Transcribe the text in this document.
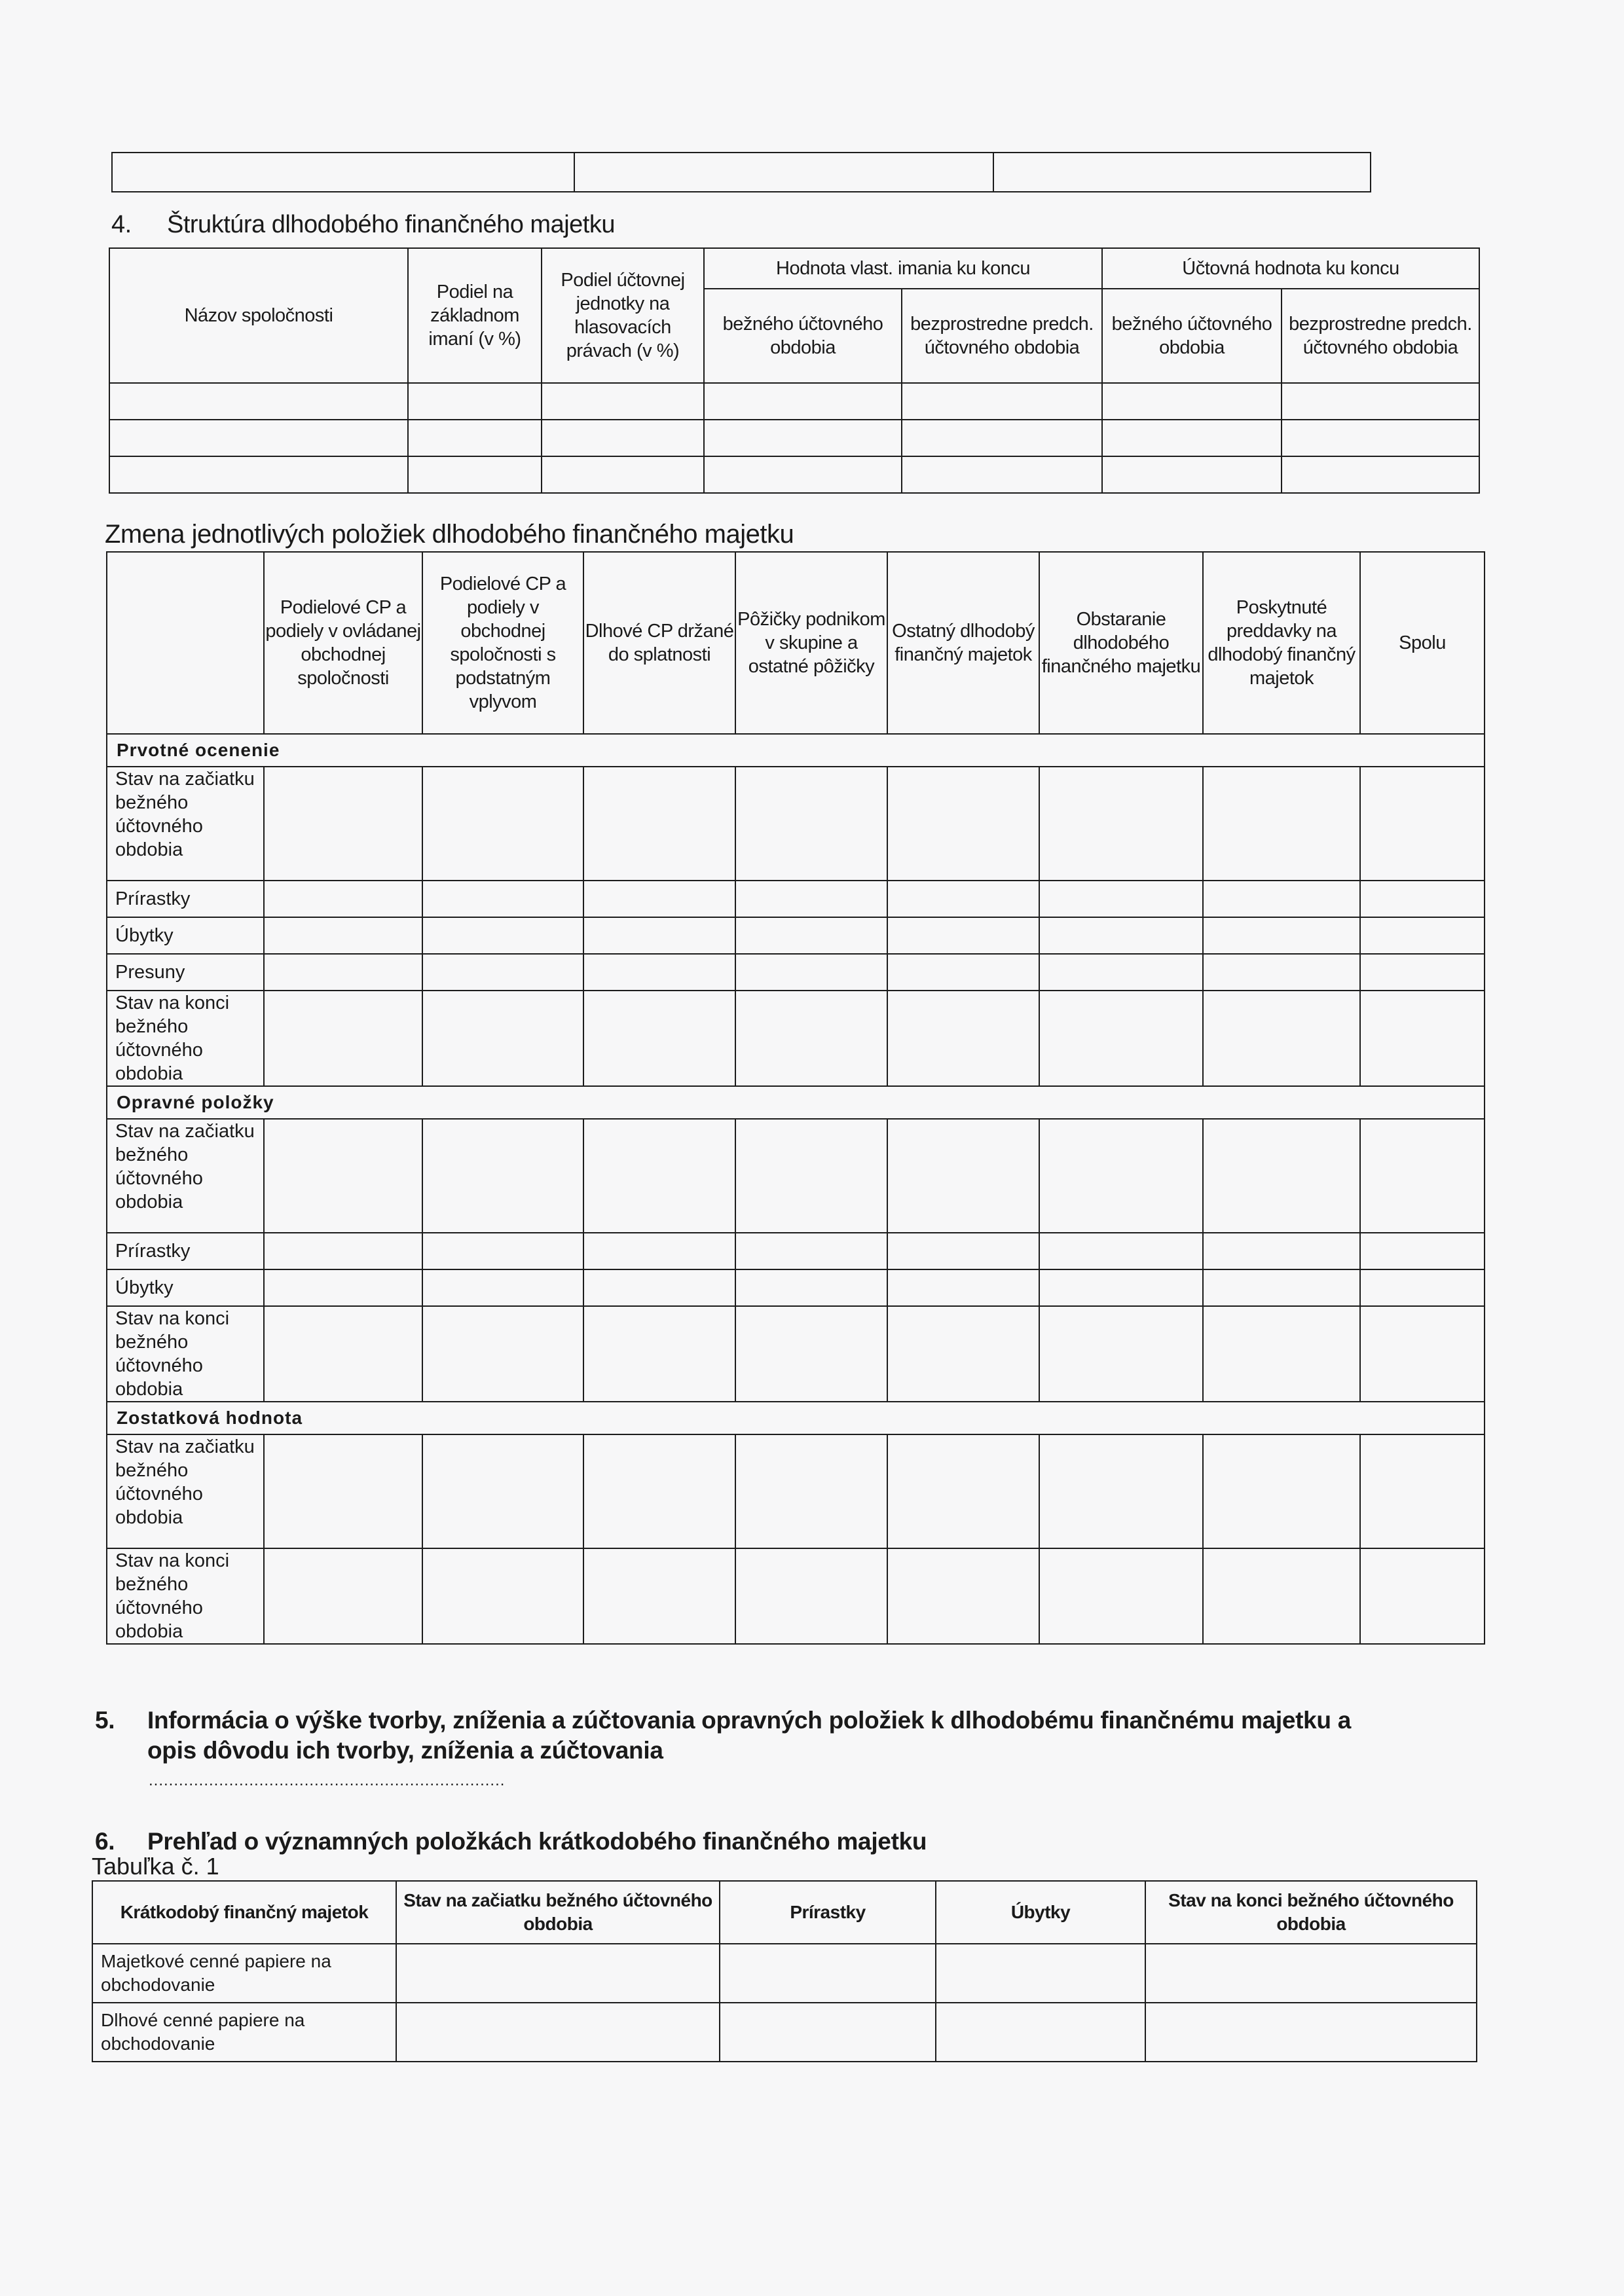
4. Štruktúra dlhodobého finančného majetku
Názov spoločnosti	Podiel na základnom imaní (v %)	Podiel účtovnej jednotky na hlasovacích právach (v %)	Hodnota vlast. imania ku koncu		Účtovná hodnota ku koncu	
			bežného účtovného obdobia	bezprostredne predch. účtovného obdobia	bežného účtovného obdobia	bezprostredne predch. účtovného obdobia

Zmena jednotlivých položiek dlhodobého finančného majetku
	Podielové CP a podiely v ovládanej obchodnej spoločnosti	Podielové CP a podiely v obchodnej spoločnosti s podstatným vplyvom	Dlhové CP držané do splatnosti	Pôžičky podnikom v skupine a ostatné pôžičky	Ostatný dlhodobý finančný majetok	Obstaranie dlhodobého finančného majetku	Poskytnuté preddavky na dlhodobý finančný majetok	Spolu
Prvotné ocenenie								
Stav na začiatku bežného účtovného obdobia								
Prírastky								
Úbytky								
Presuny								
Stav na konci bežného účtovného obdobia								
Opravné položky								
Stav na začiatku bežného účtovného obdobia								
Prírastky								
Úbytky								
Stav na konci bežného účtovného obdobia								
Zostatková hodnota								
Stav na začiatku bežného účtovného obdobia								
Stav na konci bežného účtovného obdobia								
5.	Informácia o výške tvorby, zníženia a zúčtovania opravných položiek k dlhodobému finančnému majetku a
opis dôvodu ich tvorby, zníženia a zúčtovania
.......................................................................
6. Prehľad o významných položkách krátkodobého finančného majetku
Tabuľka č. 1
Krátkodobý finančný majetok	Stav na začiatku bežného účtovného obdobia	Prírastky	Úbytky	Stav na konci bežného účtovného obdobia
Majetkové cenné papiere na obchodovanie				
Dlhové cenné papiere na obchodovanie				
